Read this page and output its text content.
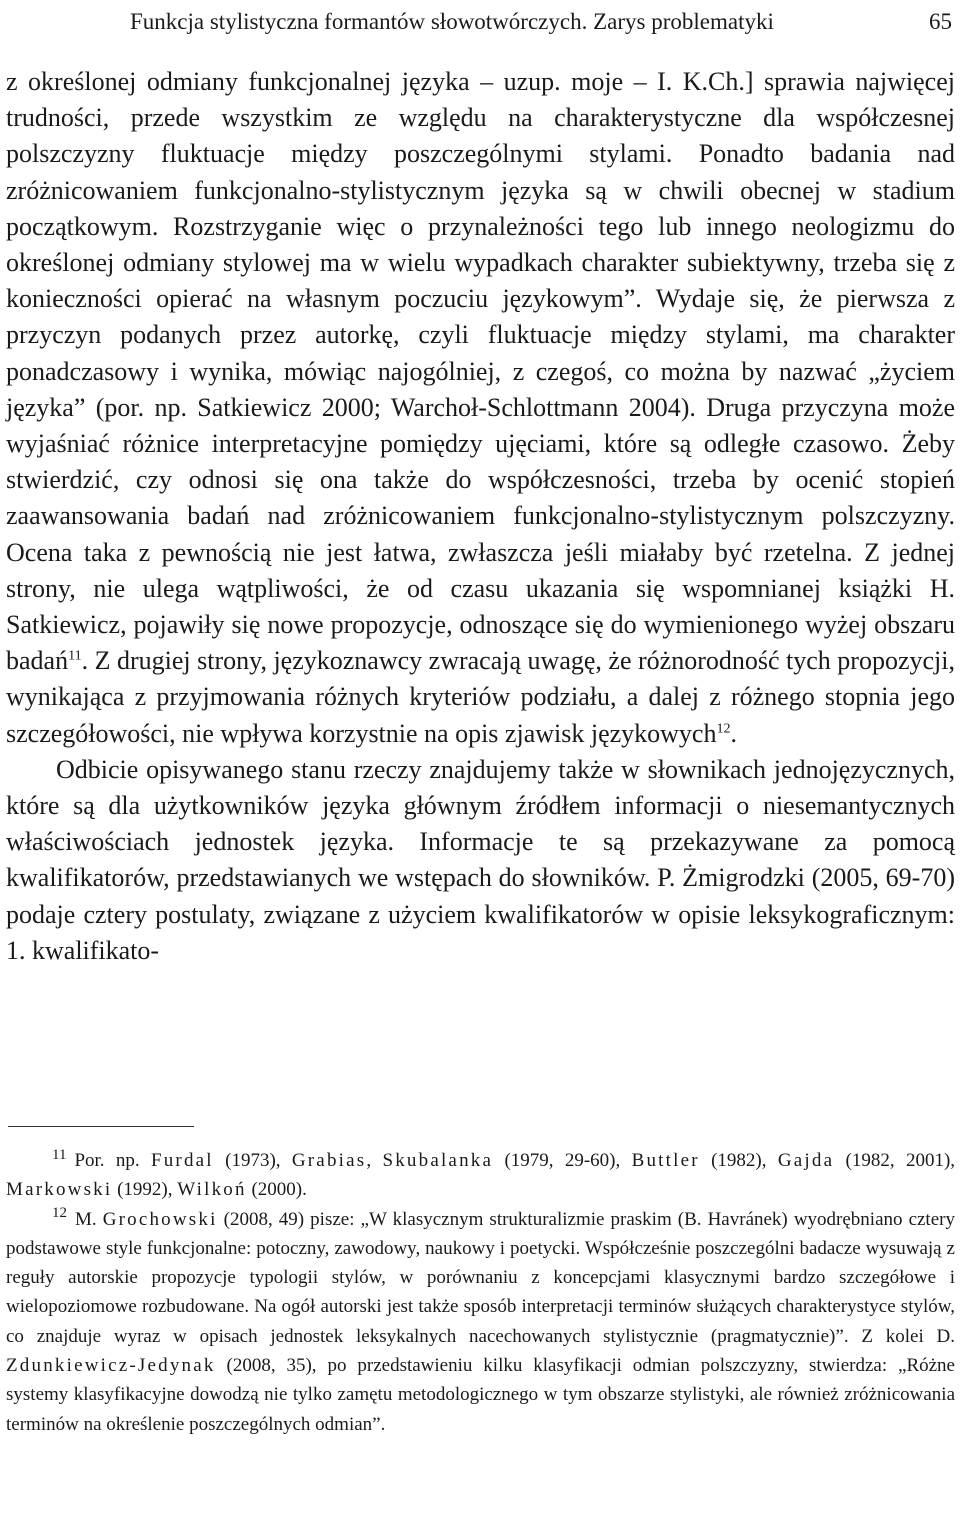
Funkcja stylistyczna formantów słowotwórczych. Zarys problematyki	65

z określonej odmiany funkcjonalnej języka – uzup. moje – I. K.Ch.] sprawia najwięcej trudności, przede wszystkim ze względu na charakterystyczne dla współczesnej polszczyzny fluktuacje między poszczególnymi stylami. Ponadto badania nad zróżnicowaniem funkcjonalno-stylistycznym języka są w chwili obecnej w stadium początkowym. Rozstrzyganie więc o przynależności tego lub innego neologizmu do określonej odmiany stylowej ma w wielu wypadkach charakter subiektywny, trzeba się z konieczności opierać na własnym poczuciu językowym”. Wydaje się, że pierwsza z przyczyn podanych przez autorkę, czyli fluktuacje między stylami, ma charakter ponadczasowy i wynika, mówiąc najogólniej, z czegoś, co można by nazwać „życiem języka” (por. np. Satkiewicz 2000; Warchoł-Schlottmann 2004). Druga przyczyna może wyjaśniać różnice interpretacyjne pomiędzy ujęciami, które są odległe czasowo. Żeby stwierdzić, czy odnosi się ona także do współczesności, trzeba by ocenić stopień zaawansowania badań nad zróżnicowaniem funkcjonalno-stylistycznym polszczyzny. Ocena taka z pewnością nie jest łatwa, zwłaszcza jeśli miałaby być rzetelna. Z jednej strony, nie ulega wątpliwości, że od czasu ukazania się wspomnianej książki H. Satkiewicz, pojawiły się nowe propozycje, odnoszące się do wymienionego wyżej obszaru badań$^{11}$. Z drugiej strony, językoznawcy zwracają uwagę, że różnorodność tych propozycji, wynikająca z przyjmowania różnych kryteriów podziału, a dalej z różnego stopnia jego szczegółowości, nie wpływa korzystnie na opis zjawisk językowych$^{12}$.

Odbicie opisywanego stanu rzeczy znajdujemy także w słownikach jednojęzycznych, które są dla użytkowników języka głównym źródłem informacji o niesemantycznych właściwościach jednostek języka. Informacje te są przekazywane za pomocą kwalifikatorów, przedstawianych we wstępach do słowników. P. Żmigrodzki (2005, 69-70) podaje cztery postulaty, związane z użyciem kwalifikatorów w opisie leksykograficznym: 1. kwalifikato-

$^{11}$ Por. np. Furdal (1973), Grabias, Skubalanka (1979, 29-60), Buttler (1982), Gajda (1982, 2001), Markowski (1992), Wilkoń (2000).

$^{12}$ M. Grochowski (2008, 49) pisze: „W klasycznym strukturalizmie praskim (B. Havránek) wyodrębniano cztery podstawowe style funkcjonalne: potoczny, zawodowy, naukowy i poetycki. Współcześnie poszczególni badacze wysuwają z reguły autorskie propozycje typologii stylów, w porównaniu z koncepcjami klasycznymi bardzo szczegółowe i wielopoziomowe rozbudowane. Na ogół autorski jest także sposób interpretacji terminów służących charakterystyce stylów, co znajduje wyraz w opisach jednostek leksykalnych nacechowanych stylistycznie (pragmatycznie)”. Z kolei D. Zdunkiewicz-Jedynak (2008, 35), po przedstawieniu kilku klasyfikacji odmian polszczyzny, stwierdza: „Różne systemy klasyfikacyjne dowodzą nie tylko zamętu metodologicznego w tym obszarze stylistyki, ale również zróżnicowania terminów na określenie poszczególnych odmian”.
